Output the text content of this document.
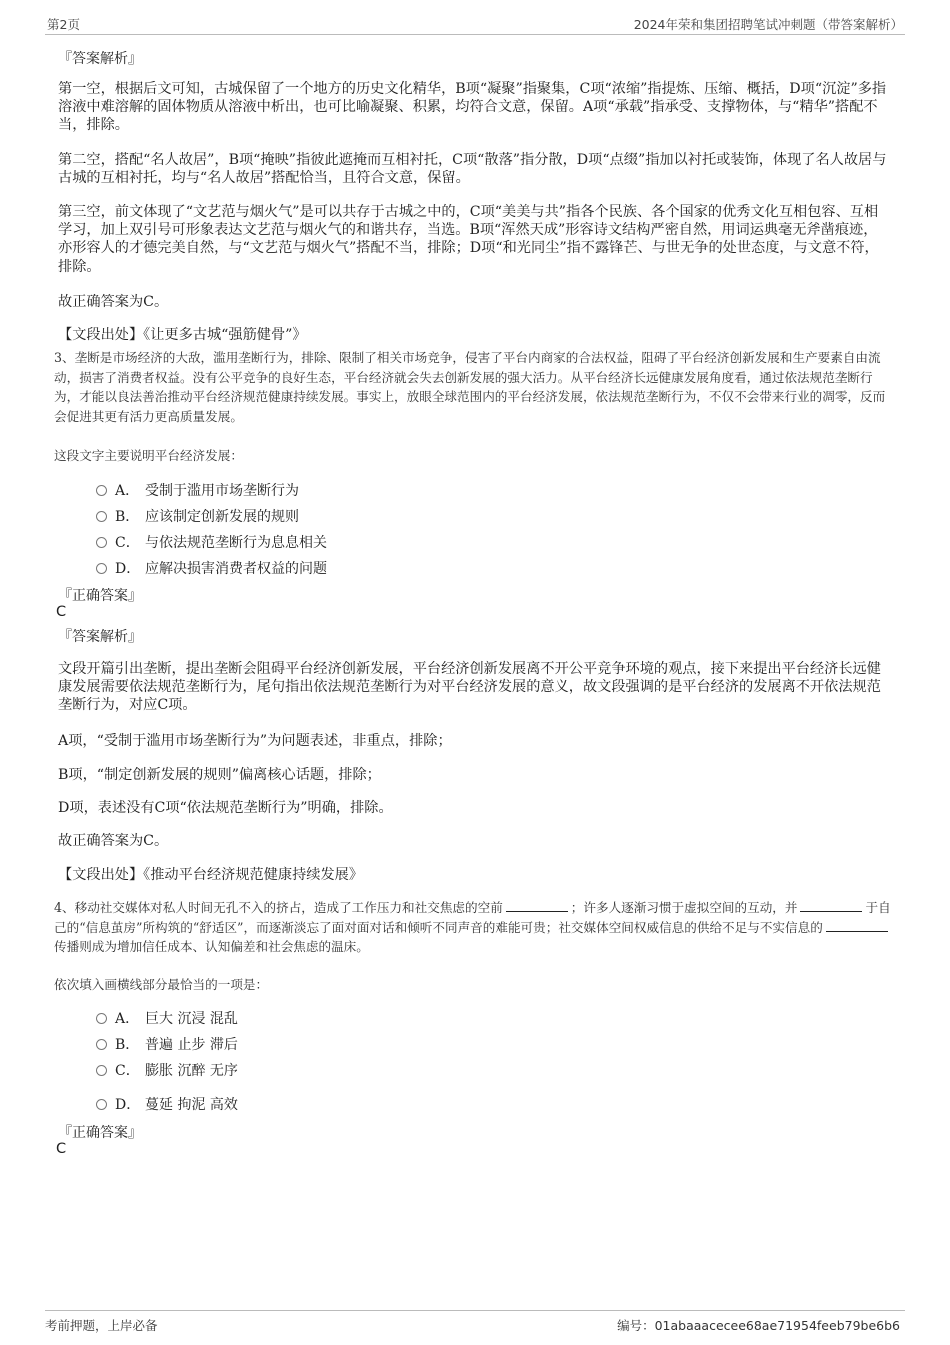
第2页	2024年荣和集团招聘笔试冲刺题（带答案解析）
『答案解析』
第一空，根据后文可知，古城保留了一个地方的历史文化精华，B项“凝聚”指聚集，C项“浓缩”指提炼、压缩、概括，D项“沉淀”多指溶液中难溶解的固体物质从溶液中析出，也可比喻凝聚、积累，均符合文意，保留。A项“承载”指承受、支撑物体，与“精华”搭配不当，排除。
第二空，搭配“名人故居”，B项“掩映”指彼此遮掩而互相衬托，C项“散落”指分散，D项“点缀”指加以衬托或装饰，体现了名人故居与古城的互相衬托，均与“名人故居”搭配恰当，且符合文意，保留。
第三空，前文体现了“文艺范与烟火气”是可以共存于古城之中的，C项“美美与共”指各个民族、各个国家的优秀文化互相包容、互相学习，加上双引号可形象表达文艺范与烟火气的和谐共存，当选。B项“浑然天成”形容诗文结构严密自然，用词运典毫无斧凿痕迹，亦形容人的才德完美自然，与“文艺范与烟火气”搭配不当，排除；D项“和光同尘”指不露锋芒、与世无争的处世态度，与文意不符，排除。
故正确答案为C。
【文段出处】《让更多古城“强筋健骨”》
3、垄断是市场经济的大敌，滥用垄断行为，排除、限制了相关市场竞争，侵害了平台内商家的合法权益，阻碍了平台经济创新发展和生产要素自由流动，损害了消费者权益。没有公平竞争的良好生态，平台经济就会失去创新发展的强大活力。从平台经济长远健康发展角度看，通过依法规范垄断行为，才能以良法善治推动平台经济规范健康持续发展。事实上，放眼全球范围内的平台经济发展，依法规范垄断行为，不仅不会带来行业的凋零，反而会促进其更有活力更高质量发展。
这段文字主要说明平台经济发展：
A． 受制于滥用市场垄断行为
B． 应该制定创新发展的规则
C． 与依法规范垄断行为息息相关
D． 应解决损害消费者权益的问题
『正确答案』
C
『答案解析』
文段开篇引出垄断，提出垄断会阻碍平台经济创新发展，平台经济创新发展离不开公平竞争环境的观点，接下来提出平台经济长远健康发展需要依法规范垄断行为，尾句指出依法规范垄断行为对平台经济发展的意义，故文段强调的是平台经济的发展离不开依法规范垄断行为，对应C项。
A项，“受制于滥用市场垄断行为”为问题表述，非重点，排除；
B项，“制定创新发展的规则”偏离核心话题，排除；
D项，表述没有C项“依法规范垄断行为”明确，排除。
故正确答案为C。
【文段出处】《推动平台经济规范健康持续发展》
4、移动社交媒体对私人时间无孔不入的挤占，造成了工作压力和社交焦虑的空前	；许多人逐渐习惯于虚拟空间的互动，并	于自己的“信息茧房”所构筑的“舒适区”，而逐渐淡忘了面对面对话和倾听不同声音的难能可贵；社交媒体空间权威信息的供给不足与不实信息的传播则成为增加信任成本、认知偏差和社会焦虑的温床。
依次填入画横线部分最恰当的一项是：
A． 巨大 沉浸 混乱
B． 普遍 止步 滞后
C． 膨胀 沉醉 无序
D． 蔓延 拘泥 高效
『正确答案』
C
考前押题，上岸必备	编号：01abaaacecee68ae71954feeb79be6b6
